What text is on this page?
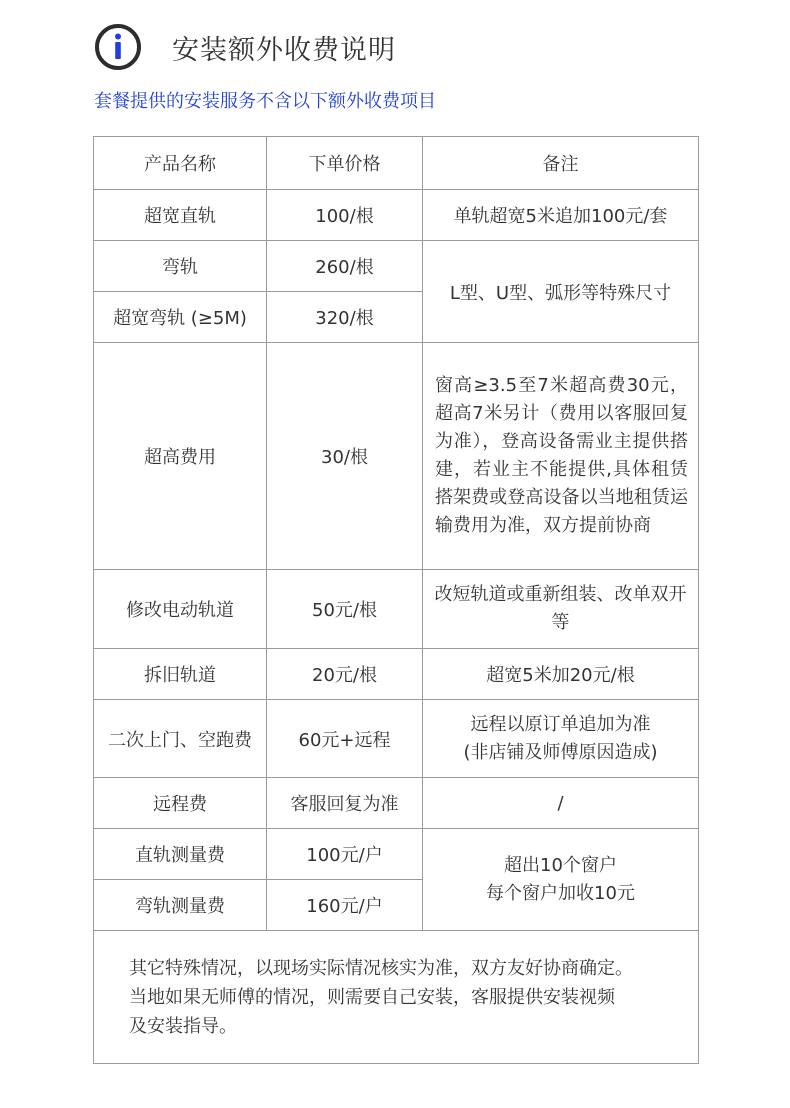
安装额外收费说明
套餐提供的安装服务不含以下额外收费项目
产品名称	下单价格	备注
超宽直轨	100/根	单轨超宽5米追加100元/套
弯轨	260/根	L型、U型、弧形等特殊尺寸
超宽弯轨 (≥5M)	320/根	
超高费用	30/根	窗高≥3.5至7米超高费30元，超高7米另计（费用以客服回复为准），登高设备需业主提供搭建，若业主不能提供,具体租赁搭架费或登高设备以当地租赁运输费用为准，双方提前协商
修改电动轨道	50元/根	改短轨道或重新组装、改单双开等
拆旧轨道	20元/根	超宽5米加20元/根
二次上门、空跑费	60元+远程	远程以原订单追加为准
(非店铺及师傅原因造成)

远程费	客服回复为准	/
直轨测量费	100元/户	超出10个窗户
每个窗户加收10元

弯轨测量费	160元/户	

其它特殊情况，以现场实际情况核实为准，双方友好协商确定。
当地如果无师傅的情况，则需要自己安装，客服提供安装视频
及安装指导。		
